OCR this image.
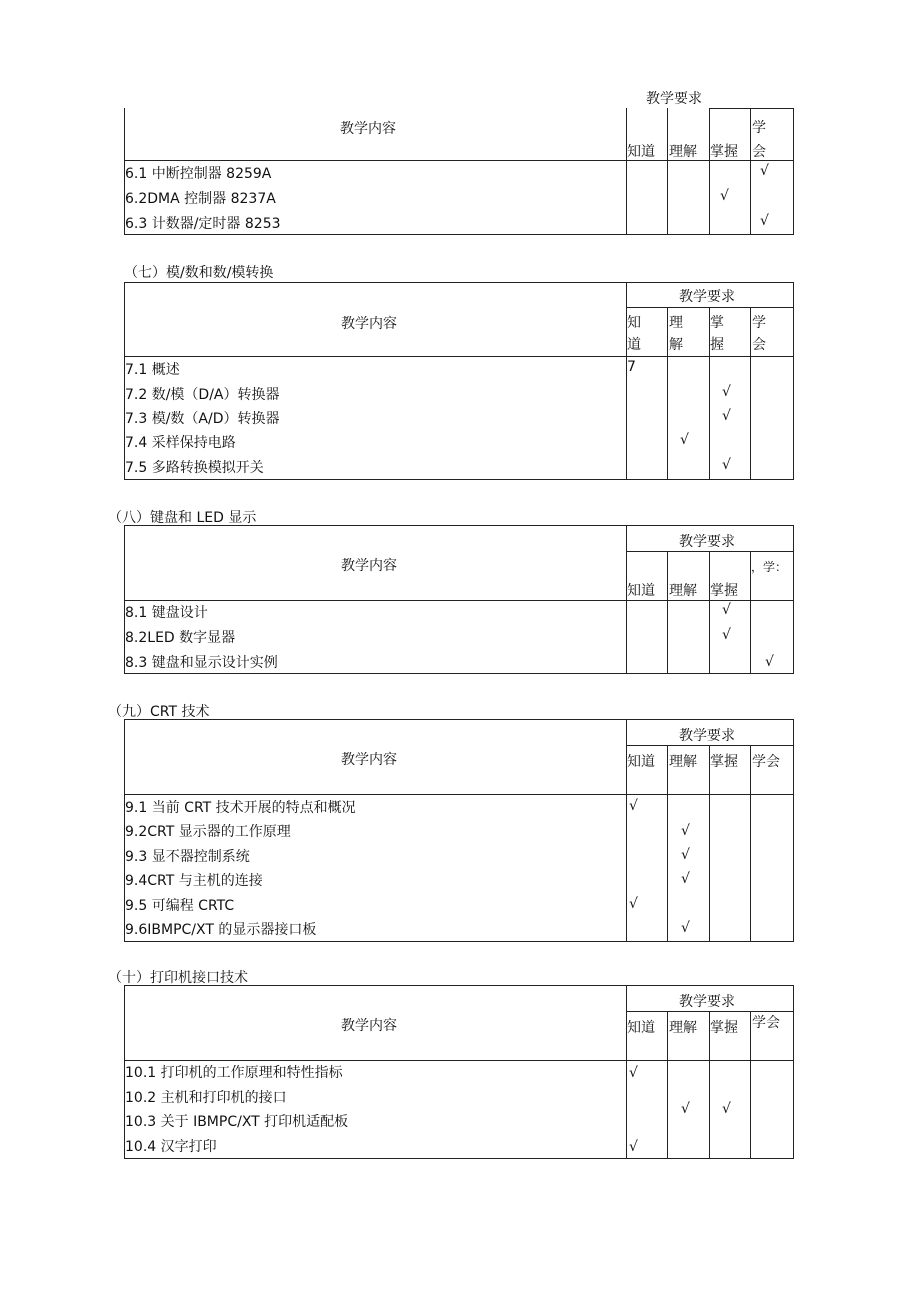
教学要求
教学内容
知道 理解 掌握
学
会
6.1 中断控制器 8259A
6.2DMA 控制器 8237A
6.3 计数器/定时器 8253
√
√
√
（七）模/数和数/模转换
教学内容
教学要求
知
道
理
解
掌
握
学
会
7.1 概述
7.2 数/模（D/A）转换器
7.3 模/数（A/D）转换器
7.4 采样保持电路
7.5 多路转换模拟开关
7
√
√
√
√
（八）键盘和 LED 显示
教学内容
教学要求
知道 理解 掌握
，学：
8.1 键盘设计
8.2LED 数字显器
8.3 键盘和显示设计实例
√
√
√
（九）CRT 技术
教学内容
教学要求
知道 理解 掌握 学会
9.1 当前 CRT 技术开展的特点和概况
9.2CRT 显示器的工作原理
9.3 显不器控制系统
9.4CRT 与主机的连接
9.5 可编程 CRTC
9.6IBMPC/XT 的显示器接口板
√
√
√
√
√
√
（十）打印机接口技术
教学内容
教学要求
知道 理解 掌握 学会
10.1 打印机的工作原理和特性指标
10.2 主机和打印机的接口
10.3 关于 IBMPC/XT 打印机适配板
10.4 汉字打印
√
√ √
√
